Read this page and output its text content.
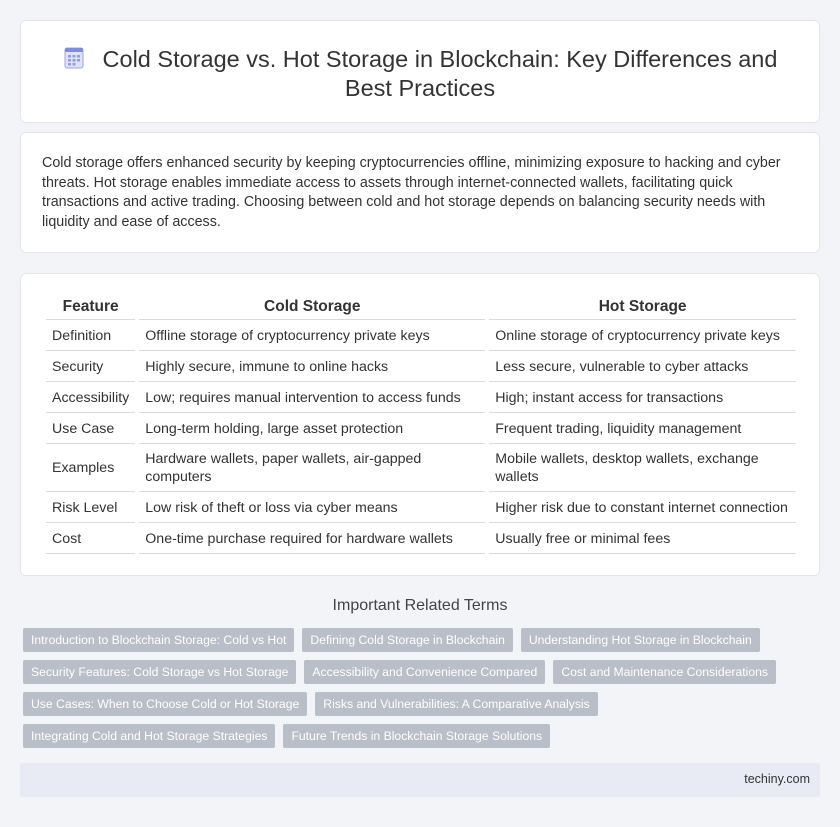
Cold Storage vs. Hot Storage in Blockchain: Key Differences and Best Practices

Cold storage offers enhanced security by keeping cryptocurrencies offline, minimizing exposure to hacking and cyber threats. Hot storage enables immediate access to assets through internet-connected wallets, facilitating quick transactions and active trading. Choosing between cold and hot storage depends on balancing security needs with liquidity and ease of access.

Feature	Cold Storage	Hot Storage
Definition	Offline storage of cryptocurrency private keys	Online storage of cryptocurrency private keys
Security	Highly secure, immune to online hacks	Less secure, vulnerable to cyber attacks
Accessibility	Low; requires manual intervention to access funds	High; instant access for transactions
Use Case	Long-term holding, large asset protection	Frequent trading, liquidity management
Examples	Hardware wallets, paper wallets, air-gapped computers	Mobile wallets, desktop wallets, exchange wallets
Risk Level	Low risk of theft or loss via cyber means	Higher risk due to constant internet connection
Cost	One-time purchase required for hardware wallets	Usually free or minimal fees
Important Related Terms
Introduction to Blockchain Storage: Cold vs Hot	Defining Cold Storage in Blockchain	Understanding Hot Storage in Blockchain
Security Features: Cold Storage vs Hot Storage	Accessibility and Convenience Compared	Cost and Maintenance Considerations
Use Cases: When to Choose Cold or Hot Storage	Risks and Vulnerabilities: A Comparative Analysis
Integrating Cold and Hot Storage Strategies	Future Trends in Blockchain Storage Solutions
techiny.com
